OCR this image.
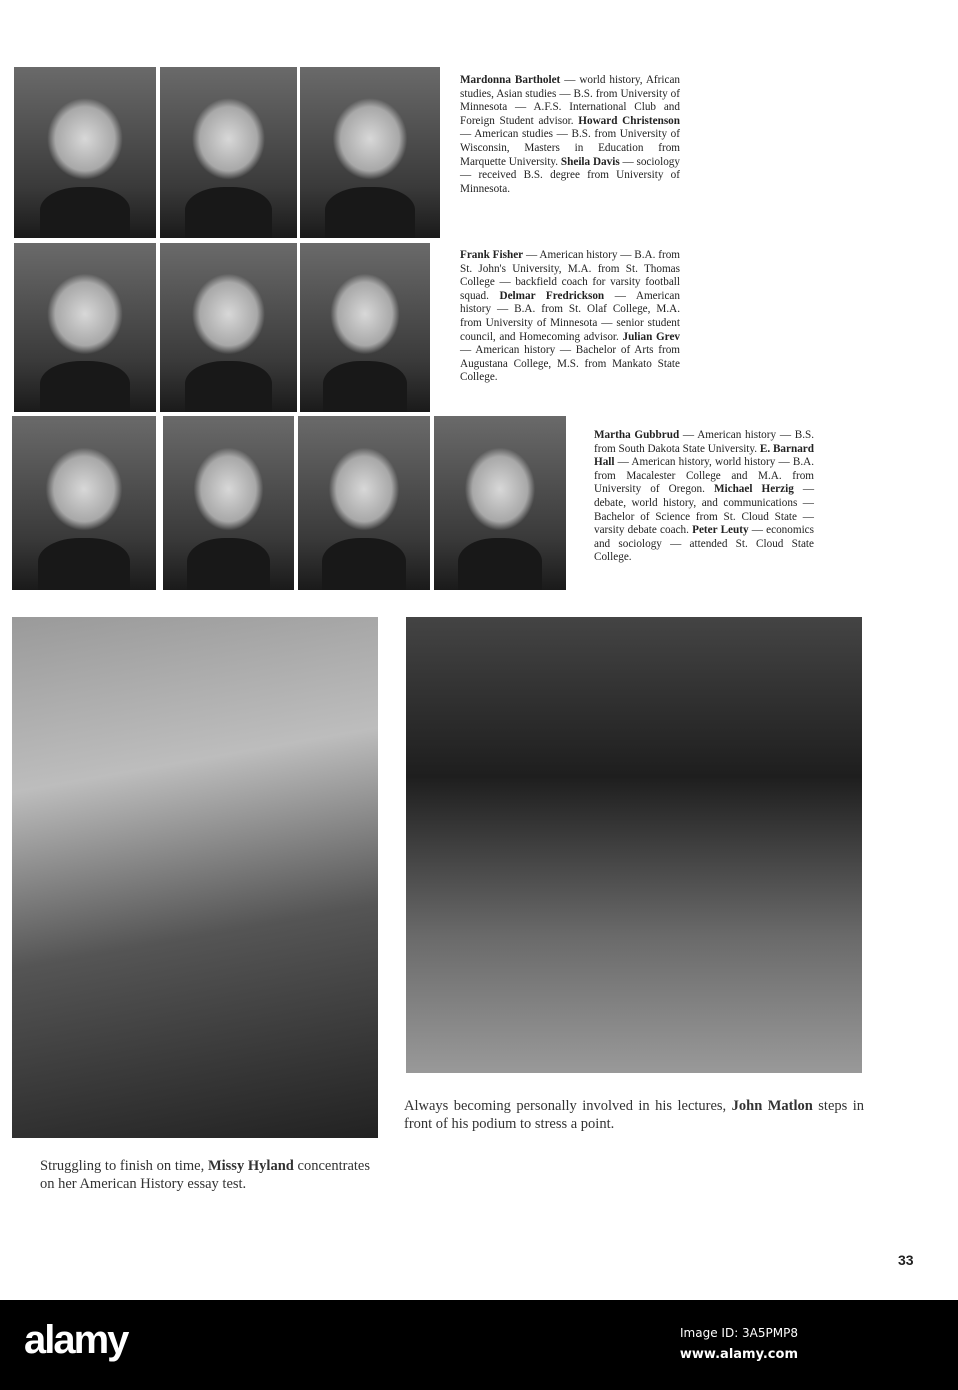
Mardonna Bartholet — world history, African studies, Asian studies — B.S. from University of Minnesota — A.F.S. International Club and Foreign Student advisor. Howard Christenson — American studies — B.S. from University of Wisconsin, Masters in Education from Marquette University. Sheila Davis — sociology — received B.S. degree from University of Minnesota.
Frank Fisher — American history — B.A. from St. John's University, M.A. from St. Thomas College — backfield coach for varsity football squad. Delmar Fredrickson — American history — B.A. from St. Olaf College, M.A. from University of Minnesota — senior student council, and Homecoming advisor. Julian Grev — American history — Bachelor of Arts from Augustana College, M.S. from Mankato State College.
Martha Gubbrud — American history — B.S. from South Dakota State University. E. Barnard Hall — American history, world history — B.A. from Macalester College and M.A. from University of Oregon. Michael Herzig — debate, world history, and communications — Bachelor of Science from St. Cloud State — varsity debate coach. Peter Leuty — economics and sociology — attended St. Cloud State College.
Always becoming personally involved in his lectures, John Matlon steps in front of his podium to stress a point.
Struggling to finish on time, Missy Hyland concentrates on her American History essay test.
33
alamy	Image ID: 3A5PMP8
www.alamy.com
